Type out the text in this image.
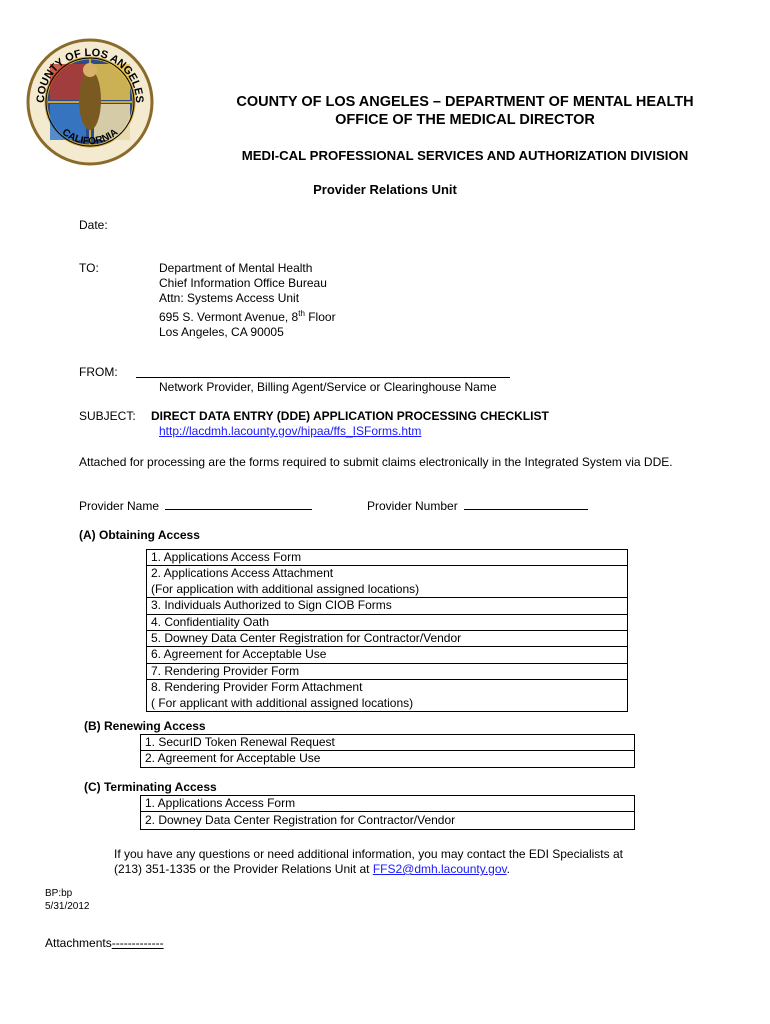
COUNTY OF LOS ANGELES
CALIFORNIA
COUNTY OF LOS ANGELES – DEPARTMENT OF MENTAL HEALTH
OFFICE OF THE MEDICAL DIRECTOR
MEDI-CAL PROFESSIONAL SERVICES AND AUTHORIZATION DIVISION
Provider Relations Unit
Date:
TO:	Department of Mental Health
Chief Information Office Bureau
Attn: Systems Access Unit
695 S. Vermont Avenue, 8th Floor
Los Angeles, CA 90005
FROM:
Network Provider, Billing Agent/Service or Clearinghouse Name
SUBJECT: DIRECT DATA ENTRY (DDE) APPLICATION PROCESSING CHECKLIST
http://lacdmh.lacounty.gov/hipaa/ffs_ISForms.htm
Attached for processing are the forms required to submit claims electronically in the Integrated System via DDE.
Provider Name	Provider Number
(A) Obtaining Access
1. Applications Access Form

2. Applications Access Attachment
(For application with additional assigned locations)

3. Individuals Authorized to Sign CIOB Forms
4. Confidentiality Oath
5. Downey Data Center Registration for Contractor/Vendor
6. Agreement for Acceptable Use
7. Rendering Provider Form

8. Rendering Provider Form Attachment
( For applicant with additional assigned locations)
(B) Renewing Access
1. SecurID Token Renewal Request
2. Agreement for Acceptable Use
(C) Terminating Access
1. Applications Access Form
2. Downey Data Center Registration for Contractor/Vendor
If you have any questions or need additional information, you may contact the EDI Specialists at
(213) 351-1335 or the Provider Relations Unit at FFS2@dmh.lacounty.gov.
BP:bp
5/31/2012
Attachments-------------
